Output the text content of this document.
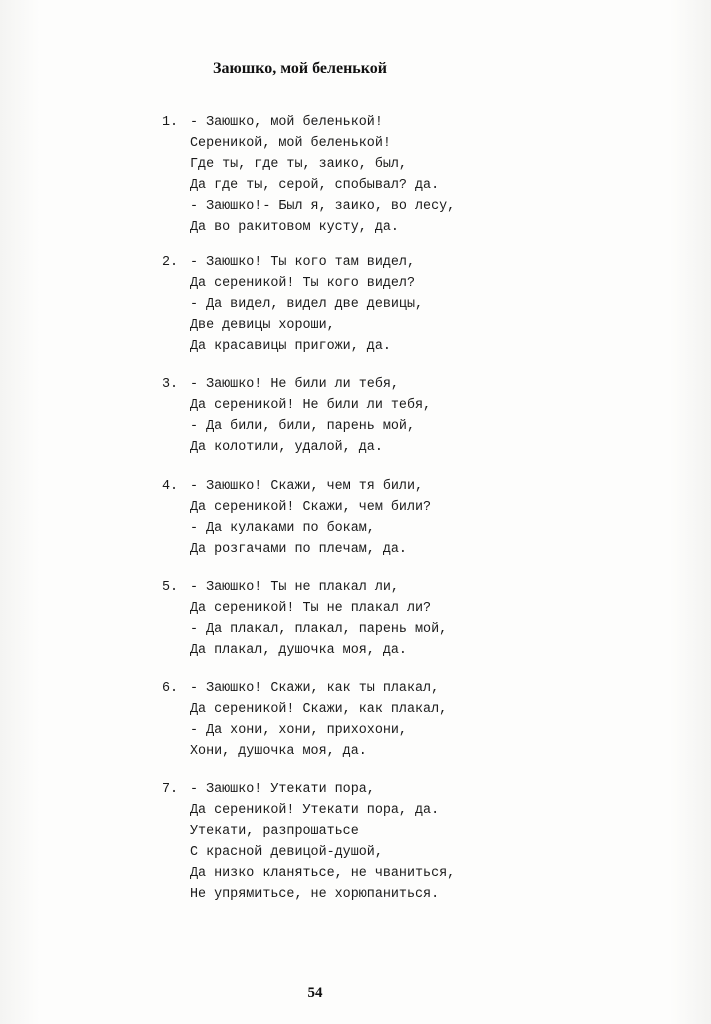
Заюшко, мой беленькой
1. - Заюшко, мой беленькой!
Сереникой, мой беленькой!
Где ты, где ты, заико, был,
Да где ты, серой, спобывал? да.
- Заюшко!- Был я, заико, во лесу,
Да во ракитовом кусту, да.
2. - Заюшко! Ты кого там видел,
Да сереникой! Ты кого видел?
- Да видел, видел две девицы,
Две девицы хороши,
Да красавицы пригожи, да.
3. - Заюшко! Не били ли тебя,
Да сереникой! Не били ли тебя,
- Да били, били, парень мой,
Да колотили, удалой, да.
4. - Заюшко! Скажи, чем тя били,
Да сереникой! Скажи, чем били?
- Да кулаками по бокам,
Да розгачами по плечам, да.
5. - Заюшко! Ты не плакал ли,
Да сереникой! Ты не плакал ли?
- Да плакал, плакал, парень мой,
Да плакал, душочка моя, да.
6. - Заюшко! Скажи, как ты плакал,
Да сереникой! Скажи, как плакал,
- Да хони, хони, прихохони,
Хони, душочка моя, да.
7. - Заюшко! Утекати пора,
Да сереникой! Утекати пора, да.
Утекати, разпрошатьсе
С красной девицой-душой,
Да низко кланятьсе, не чваниться,
Не упрямитьсе, не хорюпаниться.
54
